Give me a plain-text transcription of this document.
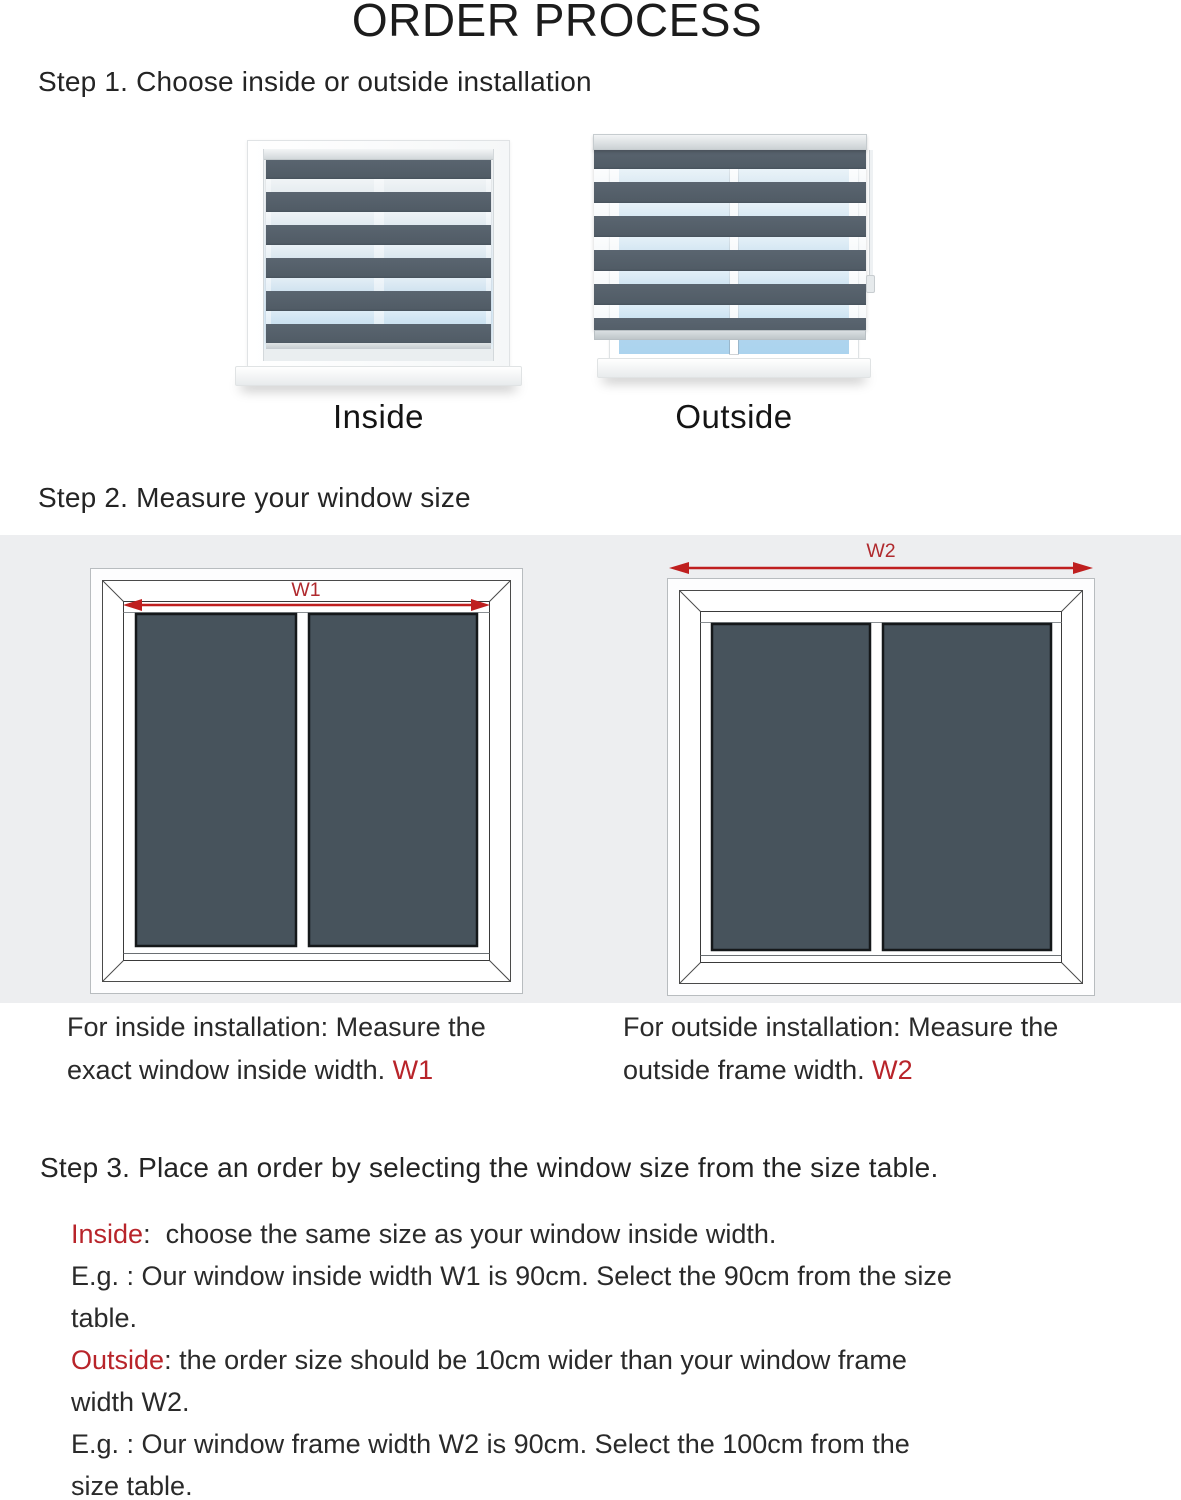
ORDER PROCESS
Step 1. Choose inside or outside installation
Inside	Outside
Step 2. Measure your window size
W1
W2
For inside installation: Measure the
exact window inside width. W1
For outside installation: Measure the
outside frame width. W2
Step 3. Place an order by selecting the window size from the size table.
Inside:  choose the same size as your window inside width.
E.g. : Our window inside width W1 is 90cm. Select the 90cm from the size
table.
Outside: the order size should be 10cm wider than your window frame
width W2.
E.g. : Our window frame width W2 is 90cm. Select the 100cm from the
size table.
